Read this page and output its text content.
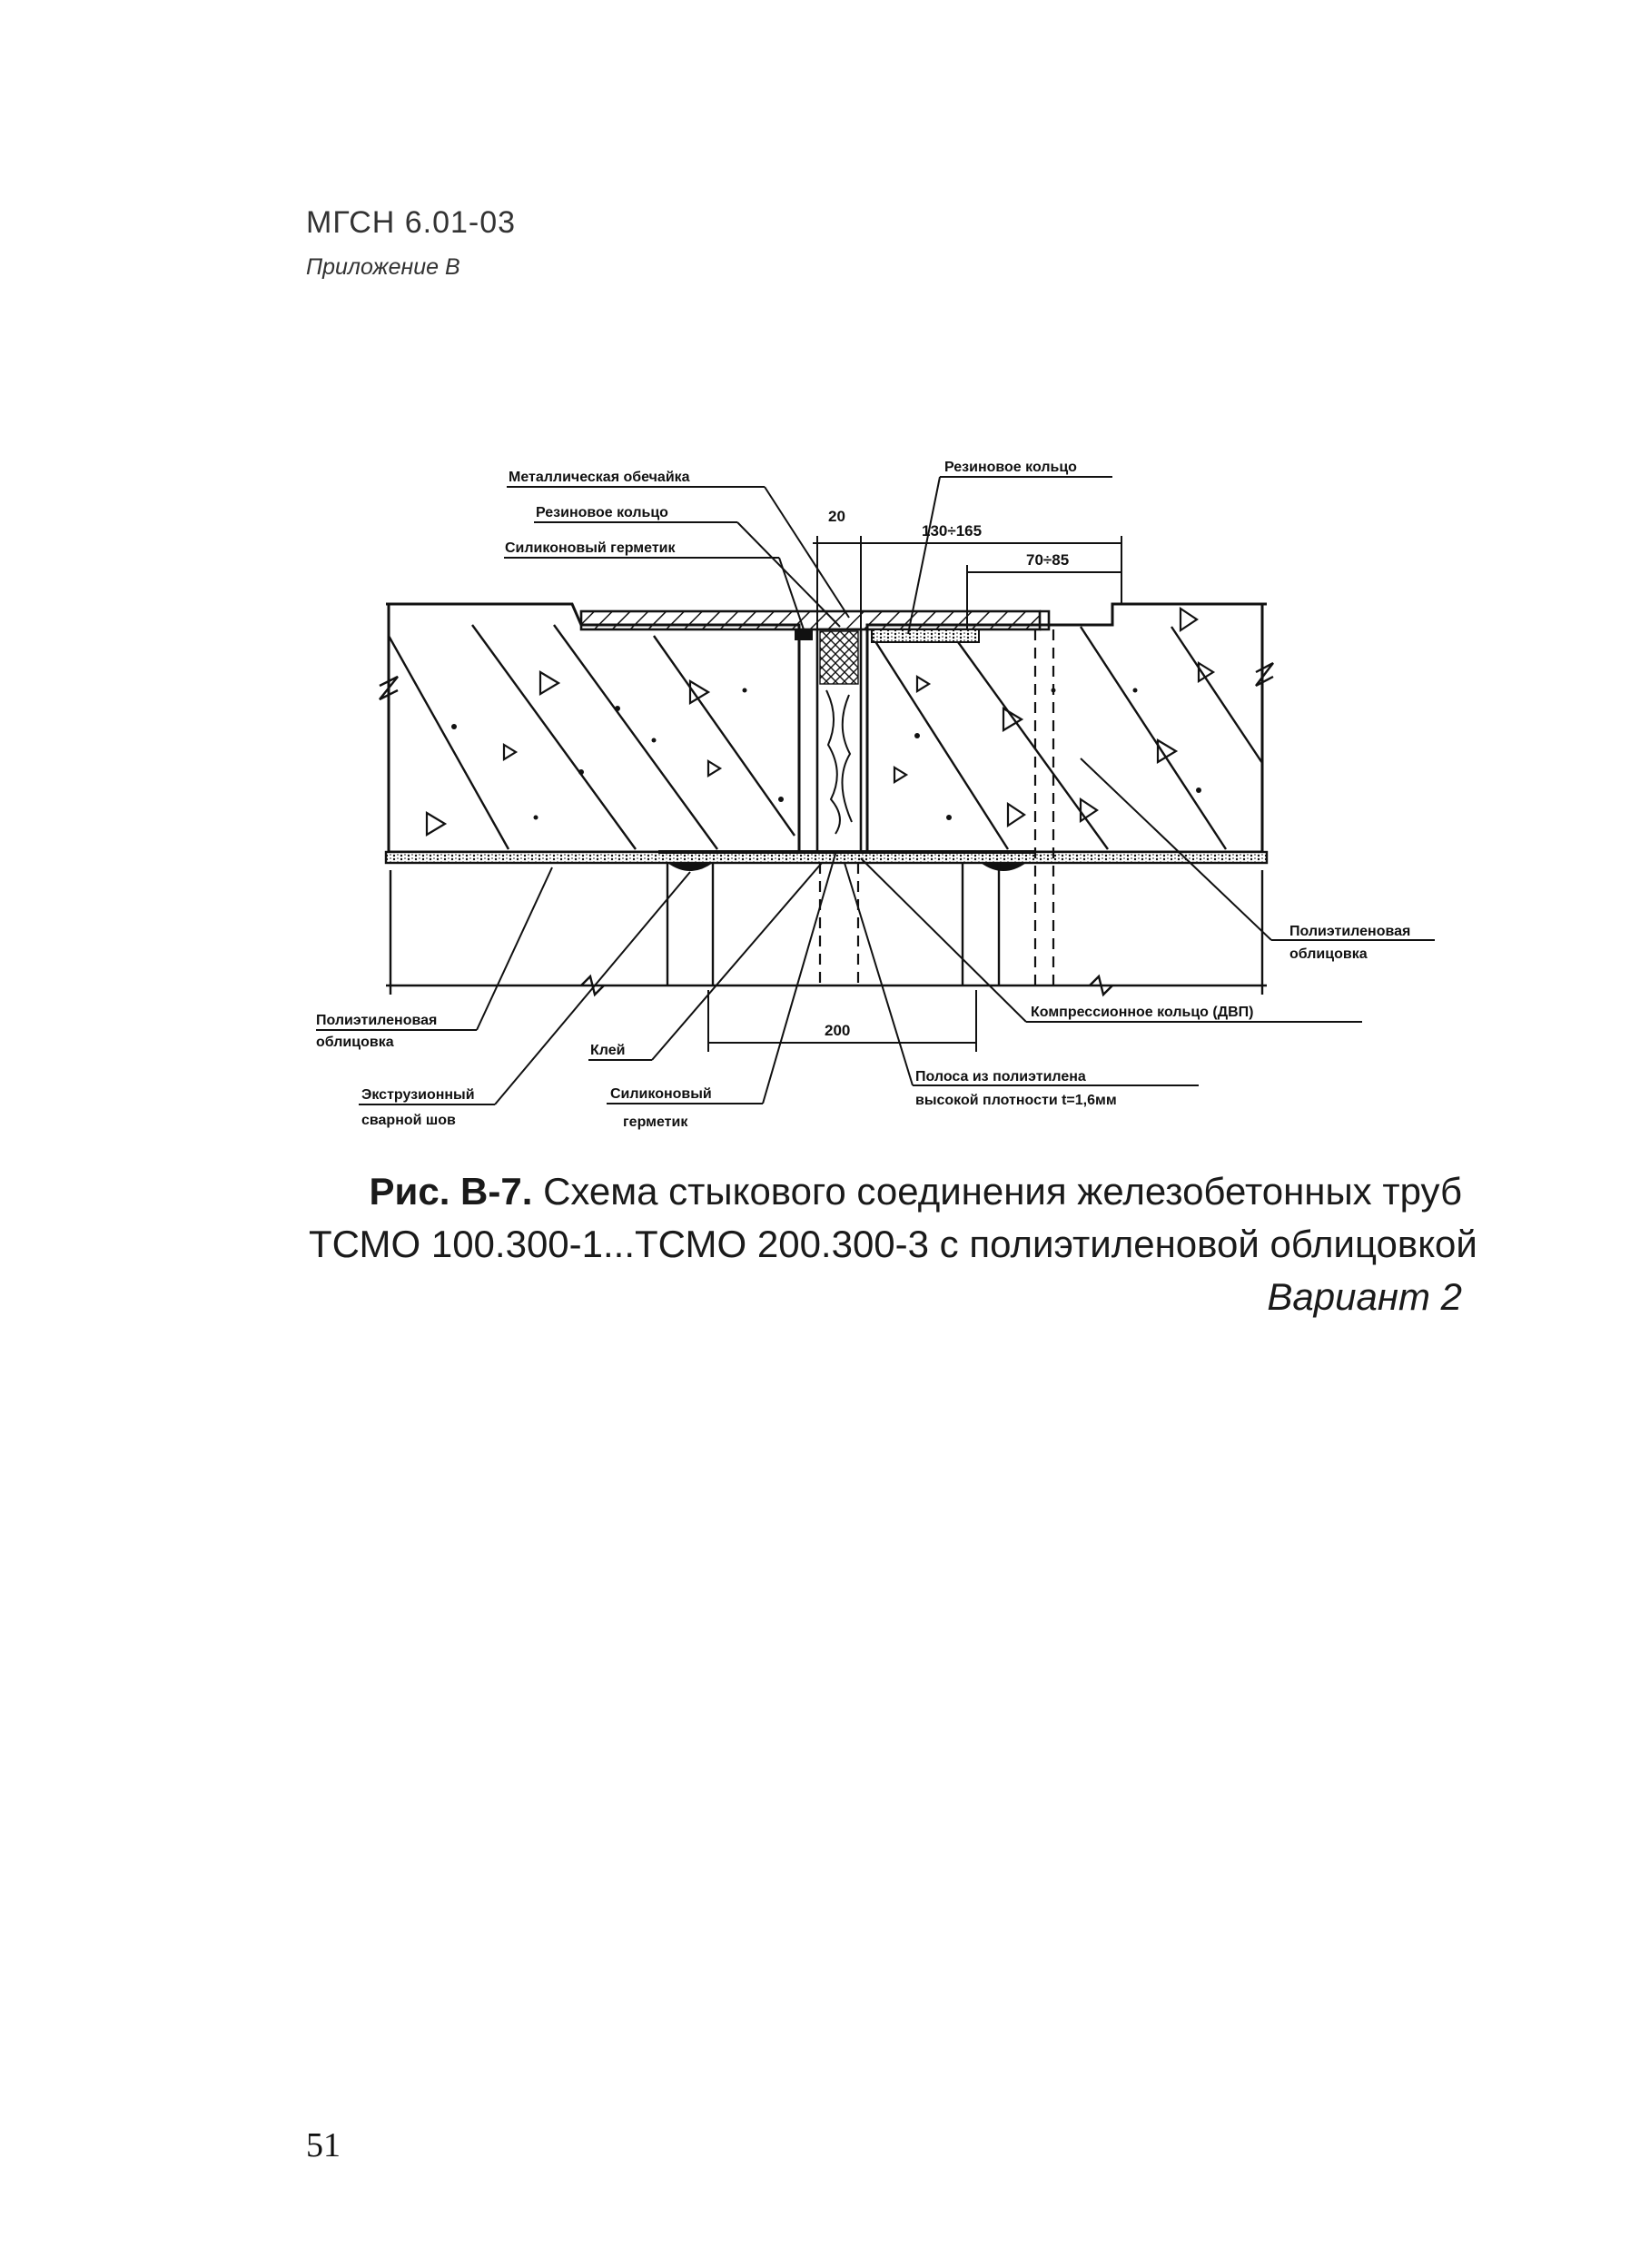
МГСН 6.01-03
Приложение В
Металлическая обечайка
Резиновое кольцо
Силиконовый герметик
Резиновое кольцо
20
130÷165
70÷85
Полиэтиленовая
облицовка
Компрессионное кольцо (ДВП)
200
Полиэтиленовая
облицовка
Клей
Экструзионный
сварной шов
Силиконовый
герметик
Полоса из полиэтилена
высокой плотности t=1,6мм
Рис. В-7. Схема стыкового соединения железобетонных труб
ТСМО 100.300-1...ТСМО 200.300-3 с полиэтиленовой облицовкой
Вариант 2
51
